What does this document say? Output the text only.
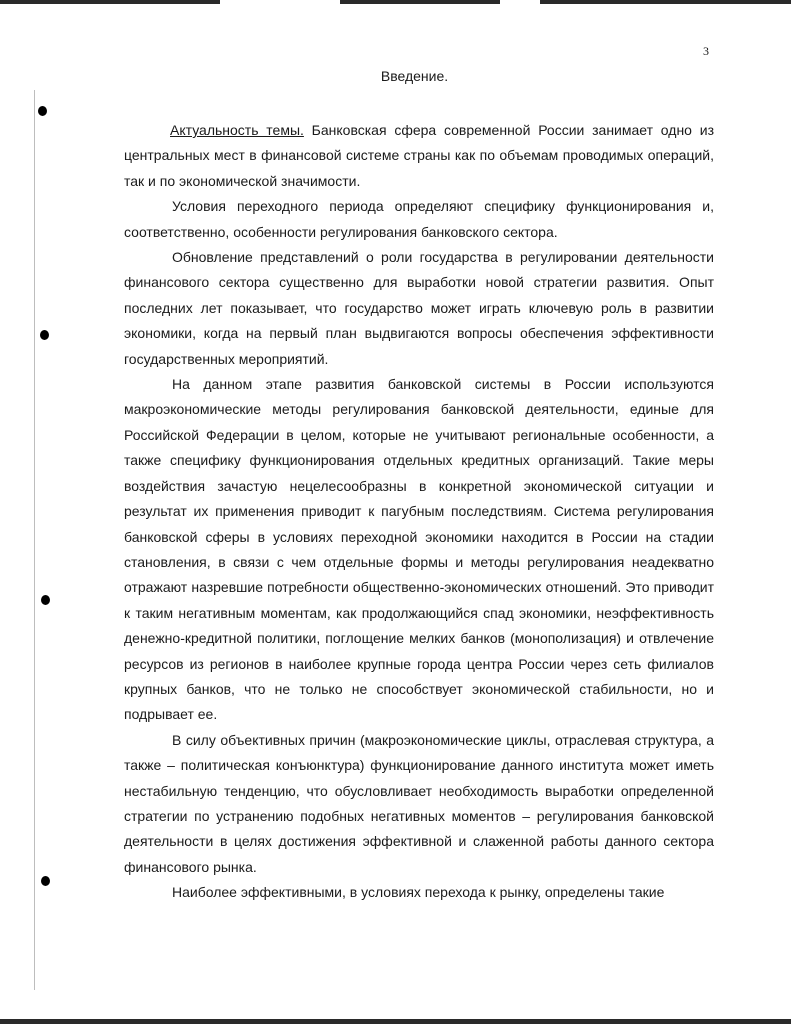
3
Введение.

Актуальность темы. Банковская сфера современной России занимает одно из центральных мест в финансовой системе страны как по объемам проводимых операций, так и по экономической значимости.

Условия переходного периода определяют специфику функционирования и, соответственно, особенности регулирования банковского сектора.

Обновление представлений о роли государства в регулировании деятельности финансового сектора существенно для выработки новой стратегии развития. Опыт последних лет показывает, что государство может играть ключевую роль в развитии экономики, когда на первый план выдвигаются вопросы обеспечения эффективности государственных мероприятий.

На данном этапе развития банковской системы в России используются макроэкономические методы регулирования банковской деятельности, единые для Российской Федерации в целом, которые не учитывают региональные особенности, а также специфику функционирования отдельных кредитных организаций. Такие меры воздействия зачастую нецелесообразны в конкретной экономической ситуации и результат их применения приводит к пагубным последствиям. Система регулирования банковской сферы в условиях переходной экономики находится в России на стадии становления, в связи с чем отдельные формы и методы регулирования неадекватно отражают назревшие потребности общественно-экономических отношений. Это приводит к таким негативным моментам, как продолжающийся спад экономики, неэффективность денежно-кредитной политики, поглощение мелких банков (монополизация) и отвлечение ресурсов из регионов в наиболее крупные города центра России через сеть филиалов крупных банков, что не только не способствует экономической стабильности, но и подрывает ее.

В силу объективных причин (макроэкономические циклы, отраслевая структура, а также – политическая конъюнктура) функционирование данного института может иметь нестабильную тенденцию, что обусловливает необходимость выработки определенной стратегии по устранению подобных негативных моментов – регулирования банковской деятельности в целях достижения эффективной и слаженной работы данного сектора финансового рынка.

Наиболее эффективными, в условиях перехода к рынку, определены такие
